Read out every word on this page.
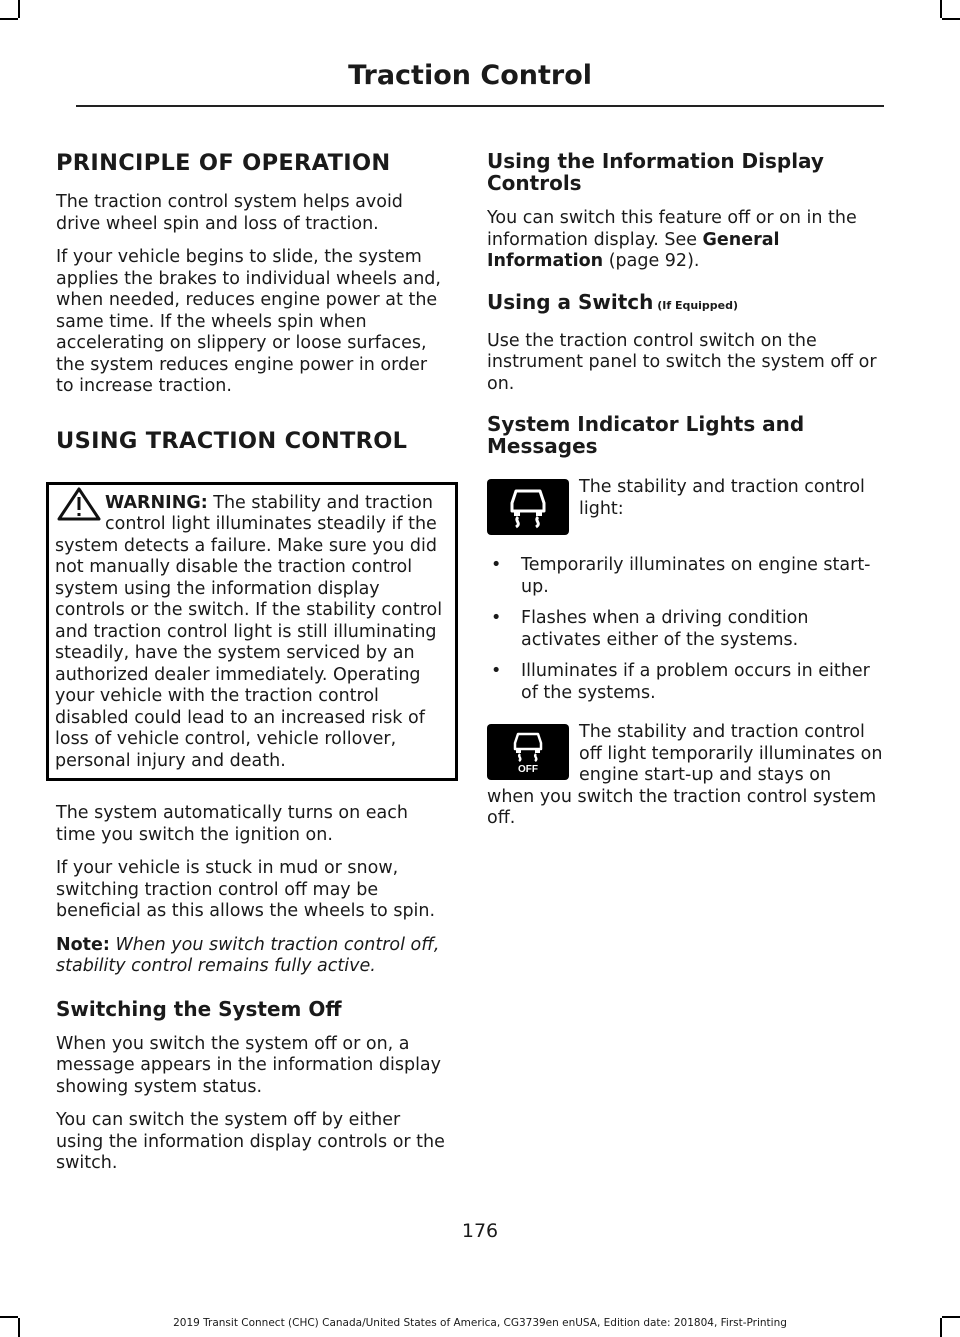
Traction Control
PRINCIPLE OF OPERATION

The traction control system helps avoid drive wheel spin and loss of traction.

If your vehicle begins to slide, the system applies the brakes to individual wheels and, when needed, reduces engine power at the same time. If the wheels spin when accelerating on slippery or loose surfaces, the system reduces engine power in order to increase traction.

USING TRACTION CONTROL
WARNING: The stability and traction control light illuminates steadily if the system detects a failure. Make sure you did not manually disable the traction control system using the information display controls or the switch. If the stability control and traction control light is still illuminating steadily, have the system serviced by an authorized dealer immediately. Operating your vehicle with the traction control disabled could lead to an increased risk of loss of vehicle control, vehicle rollover, personal injury and death.

The system automatically turns on each time you switch the ignition on.

If your vehicle is stuck in mud or snow, switching traction control off may be beneficial as this allows the wheels to spin.

Note: When you switch traction control off, stability control remains fully active.

Switching the System Off

When you switch the system off or on, a message appears in the information display showing system status.

You can switch the system off by either using the information display controls or the switch.

Using the Information Display Controls

You can switch this feature off or on in the information display. See General Information (page 92).

Using a Switch (If Equipped)

Use the traction control switch on the instrument panel to switch the system off or on.

System Indicator Lights and Messages

The stability and traction control light:

• Temporarily illuminates on engine start-up.
• Flashes when a driving condition activates either of the systems.
• Illuminates if a problem occurs in either of the systems.
OFF

The stability and traction control off light temporarily illuminates on engine start-up and stays on when you switch the traction control system off.

176
2019 Transit Connect (CHC) Canada/United States of America, CG3739en enUSA, Edition date: 201804, First-Printing
